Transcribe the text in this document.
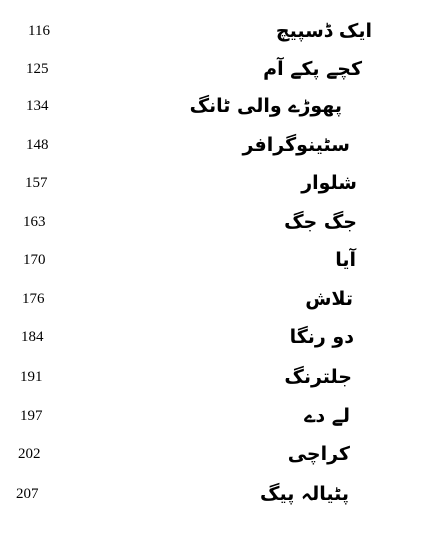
116	ایک ڈسپیچ
125	کچے پکے آم
134	پھوڑے والی ٹانگ
148	سٹینوگرافر
157	شلوار
163	جگ جگ
170	آیا
176	تلاش
184	دو رنگا
191	جلترنگ
197	لے دے
202	کراچی
207	پٹیالہ پیگ
